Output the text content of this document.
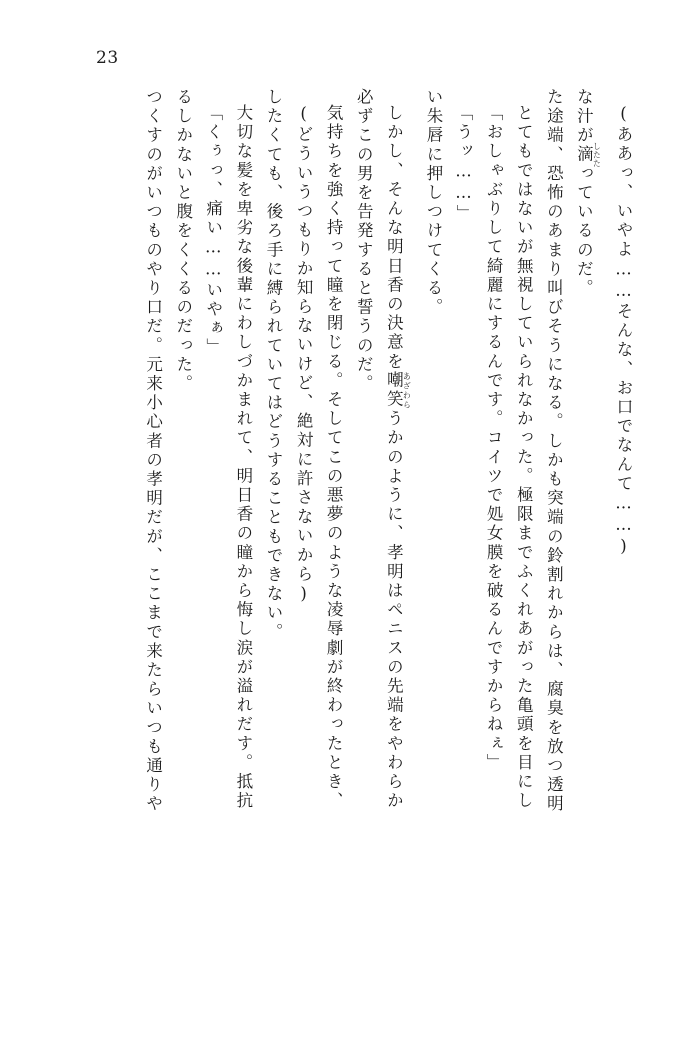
23
つくすのがいつものやり口だ。元来小心者の孝明だが、ここまで来たらいつも通りや るしかないと腹をくくるのだった。 「くぅっ、痛い……いやぁ」 大切な髪を卑劣な後輩にわしづかまれて、明日香の瞳から悔し涙が溢れだす。抵抗 したくても、後ろ手に縛られていてはどうすることもできない。 (どういうつもりか知らないけど、絶対に許さないから) 気持ちを強く持って瞳を閉じる。そしてこの悪夢のような凌辱劇が終わったとき、 必ずこの男を告発すると誓うのだ。 しかし、そんな明日香の決意を嘲笑 あざわらうかのように、孝明はペニスの先端をやわらか
い朱唇に押しつけてくる。 「うッ……」 「おしゃぶりして綺麗にするんです。コイツで処女膜を破るんですからねぇ」 とてもではないが無視していられなかった。極限までふくれあがった亀頭を目にし た途端、恐怖のあまり叫びそうになる。しかも突端の鈴割れからは、腐臭を放つ透明 な汁が滴 したたっているのだ。	(ああっ、いやよ……そんな、お口でなんて……)
